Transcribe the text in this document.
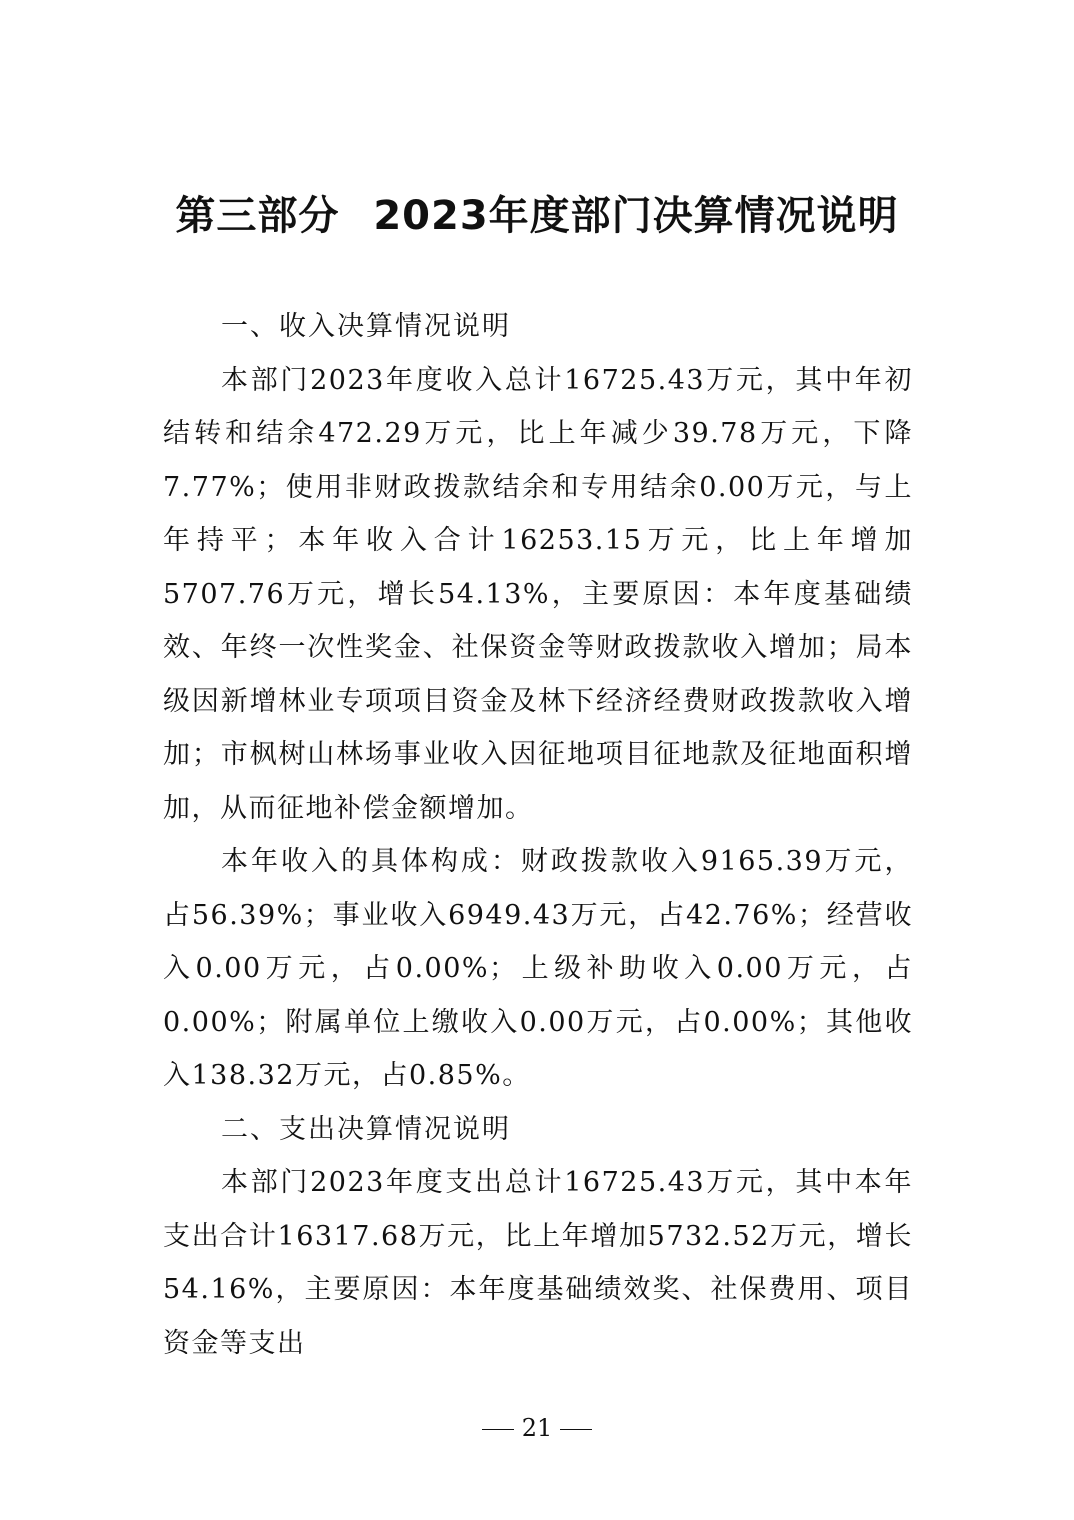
第三部分 2023年度部门决算情况说明

一、收入决算情况说明

本部门2023年度收入总计16725.43万元，其中年初结转和结余472.29万元，比上年减少39.78万元，下降7.77%；使用非财政拨款结余和专用结余0.00万元，与上年持平；本年收入合计16253.15万元，比上年增加5707.76万元，增长54.13%，主要原因：本年度基础绩效、年终一次性奖金、社保资金等财政拨款收入增加；局本级因新增林业专项项目资金及林下经济经费财政拨款收入增加；市枫树山林场事业收入因征地项目征地款及征地面积增加，从而征地补偿金额增加。

本年收入的具体构成：财政拨款收入9165.39万元，占56.39%；事业收入6949.43万元，占42.76%；经营收入0.00万元，占0.00%；上级补助收入0.00万元，占0.00%；附属单位上缴收入0.00万元，占0.00%；其他收入138.32万元，占0.85%。

二、支出决算情况说明

本部门2023年度支出总计16725.43万元，其中本年支出合计16317.68万元，比上年增加5732.52万元，增长54.16%，主要原因：本年度基础绩效奖、社保费用、项目资金等支出

21
